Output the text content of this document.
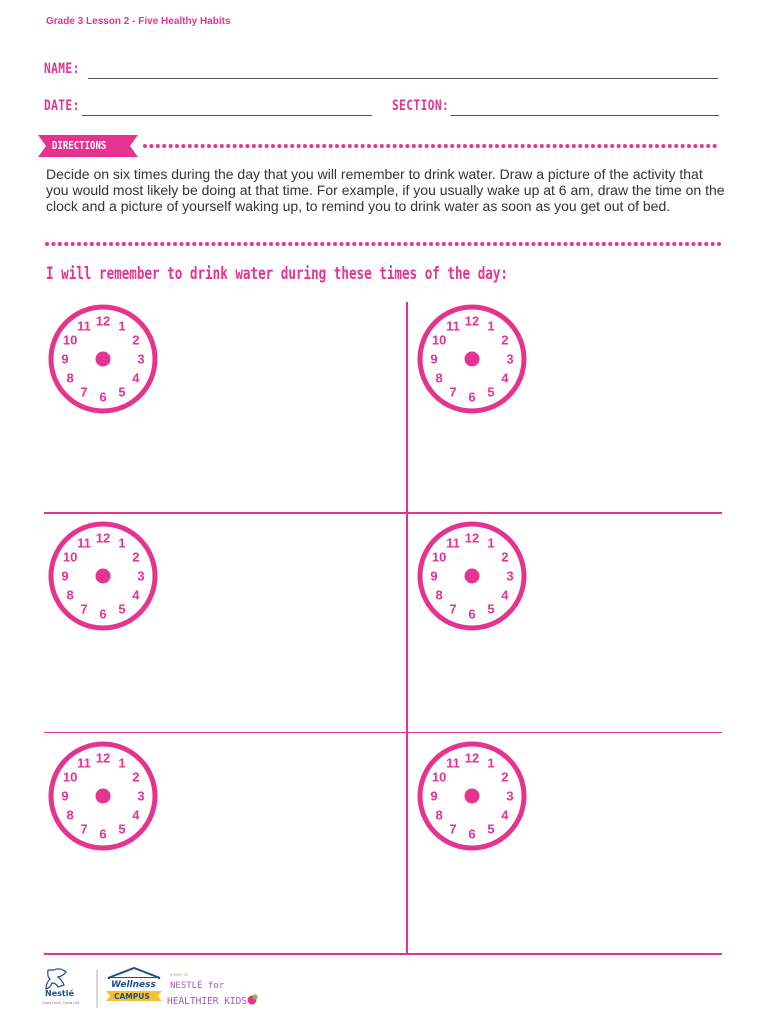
Grade 3 Lesson 2 - Five Healthy Habits
NAME:
DATE:	SECTION:
DIRECTIONS
Decide on six times during the day that you will remember to drink water. Draw a picture of the activity that you would most likely be doing at that time. For example, if you usually wake up at 6 am, draw the time on the clock and a picture of yourself waking up, to remind you to drink water as soon as you get out of bed.
I will remember to drink water during these times of the day:
12 1
2
3
4
5
6
7
8
9
10
11	12 1
2
3
4
5
6
7
8
9
10
11
12 1
2
3
4
5
6
7
8
9
10
11	12 1
2
3
4
5
6
7
8
9
10
11
12 1
2
3
4
5
6
7
8
9
10
11	12 1
2
3
4
5
6
7
8
9
10
11
Nestlé
Good Food, Good Life
Wellness
CAMPUS
A PART OF
NESTLÉ for
HEALTHIER KIDS
